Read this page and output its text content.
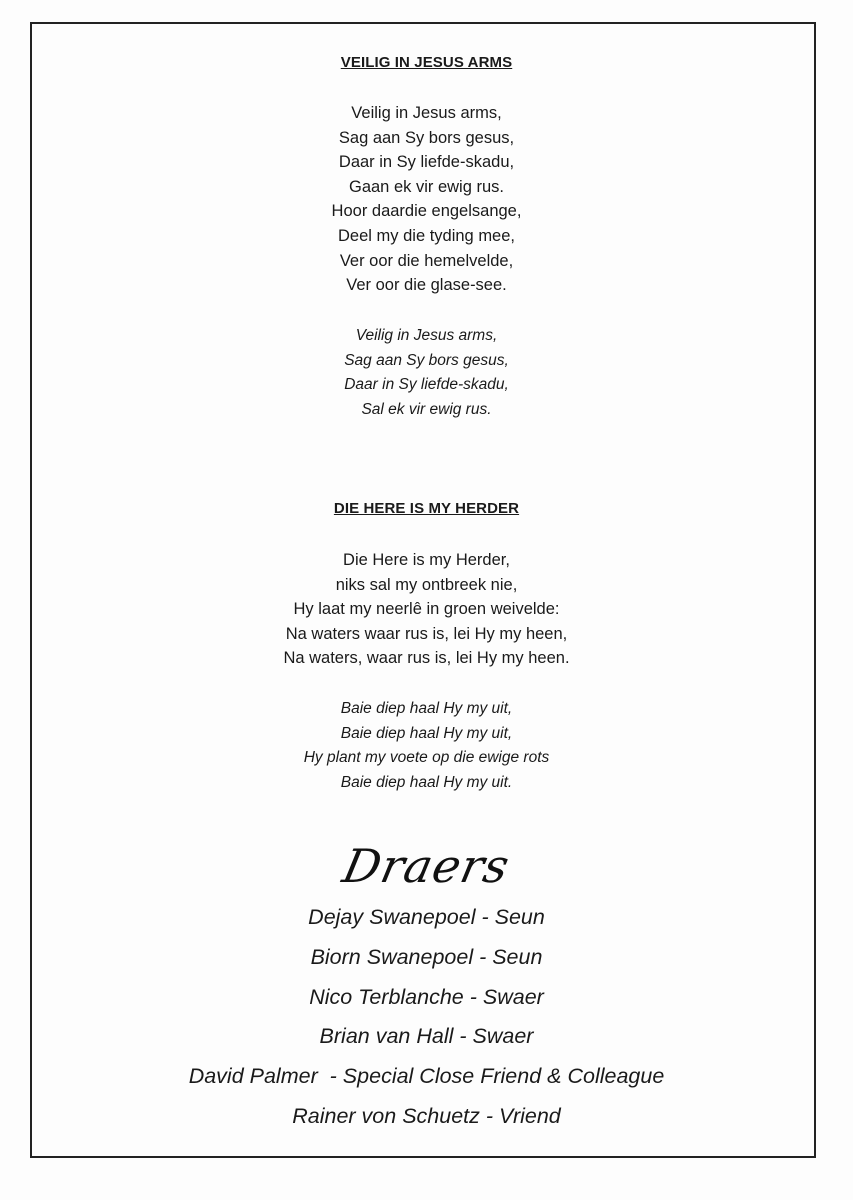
VEILIG IN JESUS ARMS
Veilig in Jesus arms,
Sag aan Sy bors gesus,
Daar in Sy liefde-skadu,
Gaan ek vir ewig rus.
Hoor daardie engelsange,
Deel my die tyding mee,
Ver oor die hemelvelde,
Ver oor die glase-see.
Veilig in Jesus arms,
Sag aan Sy bors gesus,
Daar in Sy liefde-skadu,
Sal ek vir ewig rus.
DIE HERE IS MY HERDER
Die Here is my Herder,
niks sal my ontbreek nie,
Hy laat my neerlê in groen weivelde:
Na waters waar rus is, lei Hy my heen,
Na waters, waar rus is, lei Hy my heen.
Baie diep haal Hy my uit,
Baie diep haal Hy my uit,
Hy plant my voete op die ewige rots
Baie diep haal Hy my uit.
Draers
Dejay Swanepoel - Seun
Biorn Swanepoel - Seun
Nico Terblanche - Swaer
Brian van Hall - Swaer
David Palmer  - Special Close Friend & Colleague
Rainer von Schuetz - Vriend
